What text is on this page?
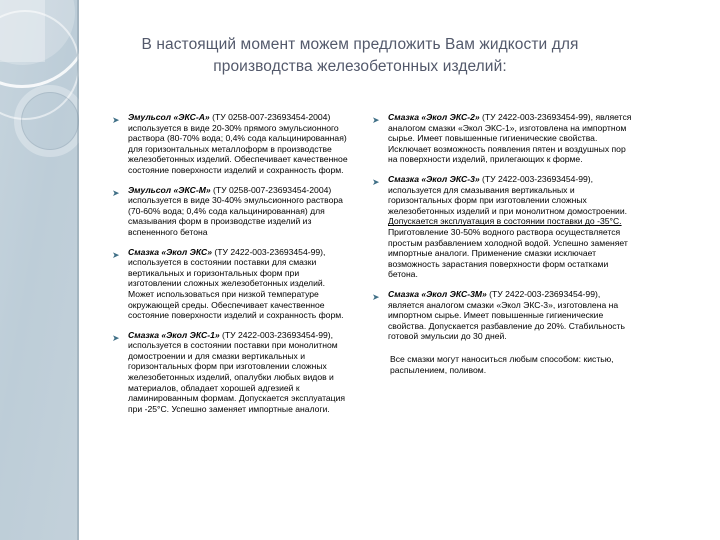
В настоящий момент можем предложить Вам жидкости для производства железобетонных изделий:
➤ Эмульсол «ЭКС-А» (ТУ 0258-007-23693454-2004) используется в виде 20-30% прямого эмульсионного раствора (80-70% вода; 0,4% сода кальцинированная) для горизонтальных металлоформ в производстве железобетонных изделий. Обеспечивает качественное состояние поверхности изделий и сохранность форм.
➤ Эмульсол «ЭКС-М» (ТУ 0258-007-23693454-2004) используется в виде 30-40% эмульсионного раствора (70-60% вода; 0,4% сода кальцинированная) для смазывания форм в производстве изделий из вспененного бетона
➤ Смазка «Экол ЭКС» (ТУ 2422-003-23693454-99), используется в состоянии поставки для смазки вертикальных и горизонтальных форм при изготовлении сложных железобетонных изделий. Может использоваться при низкой температуре окружающей среды. Обеспечивает качественное состояние поверхности изделий и сохранность форм.
➤ Смазка «Экол ЭКС-1» (ТУ 2422-003-23693454-99), используется в состоянии поставки при монолитном домостроении и для смазки вертикальных и горизонтальных форм при изготовлении сложных железобетонных изделий, опалубки любых видов и материалов, обладает хорошей адгезией к ламинированным формам. Допускается эксплуатация при -25°С. Успешно заменяет импортные аналоги.
➤ Смазка «Экол ЭКС-2» (ТУ 2422-003-23693454-99), является аналогом смазки «Экол ЭКС-1», изготовлена на импортном сырье. Имеет повышенные гигиенические свойства. Исключает возможность появления пятен и воздушных пор на поверхности изделий, прилегающих к форме.
➤ Смазка «Экол ЭКС-3» (ТУ 2422-003-23693454-99), используется для смазывания вертикальных и горизонтальных форм при изготовлении сложных железобетонных изделий и при монолитном домостроении. Допускается эксплуатация в состоянии поставки до -35°С. Приготовление 30-50% водного раствора осуществляется простым разбавлением холодной водой. Успешно заменяет импортные аналоги. Применение смазки исключает возможность зарастания поверхности форм остатками бетона.
➤ Смазка «Экол ЭКС-3М» (ТУ 2422-003-23693454-99), является аналогом смазки «Экол ЭКС-3», изготовлена на импортном сырье. Имеет повышенные гигиенические свойства. Допускается разбавление до 20%. Стабильность готовой эмульсии до 30 дней.
Все смазки могут наноситься любым способом: кистью, распылением, поливом.
